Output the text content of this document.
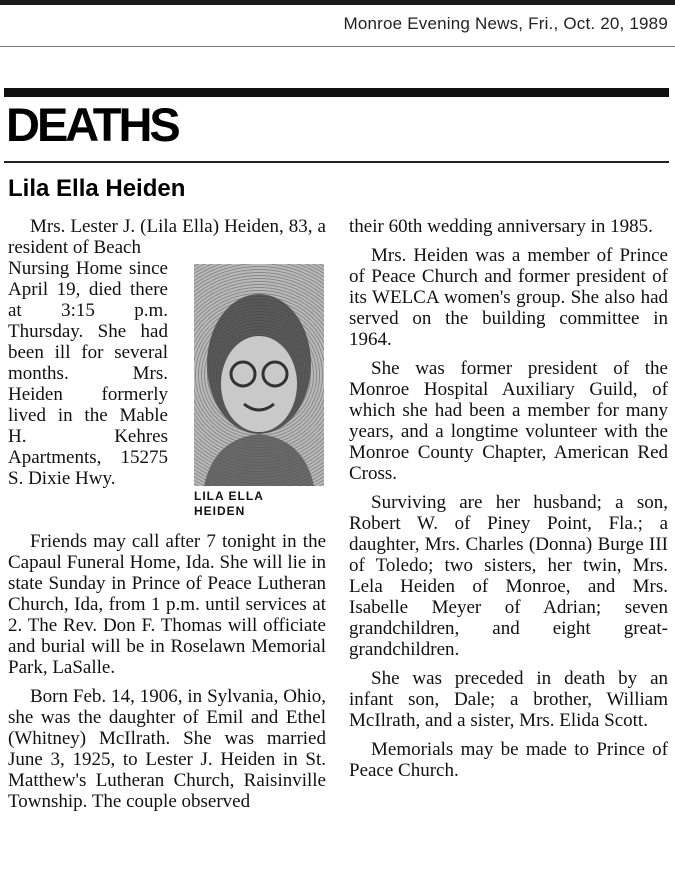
Monroe Evening News, Fri., Oct. 20, 1989
DEATHS
Lila Ella Heiden

Mrs. Lester J. (Lila Ella) Heiden, 83, a resident of Beach

Nursing Home since April 19, died there at 3:15 p.m. Thursday. She had been ill for several months. Mrs. Heiden formerly lived in the Mable H. Kehres Apartments, 15275 S. Dixie Hwy.

LILA ELLA
HEIDEN

Friends may call after 7 tonight in the Capaul Funeral Home, Ida. She will lie in state Sunday in Prince of Peace Lutheran Church, Ida, from 1 p.m. until services at 2. The Rev. Don F. Thomas will officiate and burial will be in Roselawn Memorial Park, LaSalle.

Born Feb. 14, 1906, in Sylvania, Ohio, she was the daughter of Emil and Ethel (Whitney) McIlrath. She was married June 3, 1925, to Lester J. Heiden in St. Matthew's Lutheran Church, Raisinville Township. The couple observed

their 60th wedding anniversary in 1985.

Mrs. Heiden was a member of Prince of Peace Church and former president of its WELCA women's group. She also had served on the building committee in 1964.

She was former president of the Monroe Hospital Auxiliary Guild, of which she had been a member for many years, and a longtime volunteer with the Monroe County Chapter, American Red Cross.

Surviving are her husband; a son, Robert W. of Piney Point, Fla.; a daughter, Mrs. Charles (Donna) Burge III of Toledo; two sisters, her twin, Mrs. Lela Heiden of Monroe, and Mrs. Isabelle Meyer of Adrian; seven grandchildren, and eight great-grandchildren.

She was preceded in death by an infant son, Dale; a brother, William McIlrath, and a sister, Mrs. Elida Scott.

Memorials may be made to Prince of Peace Church.
